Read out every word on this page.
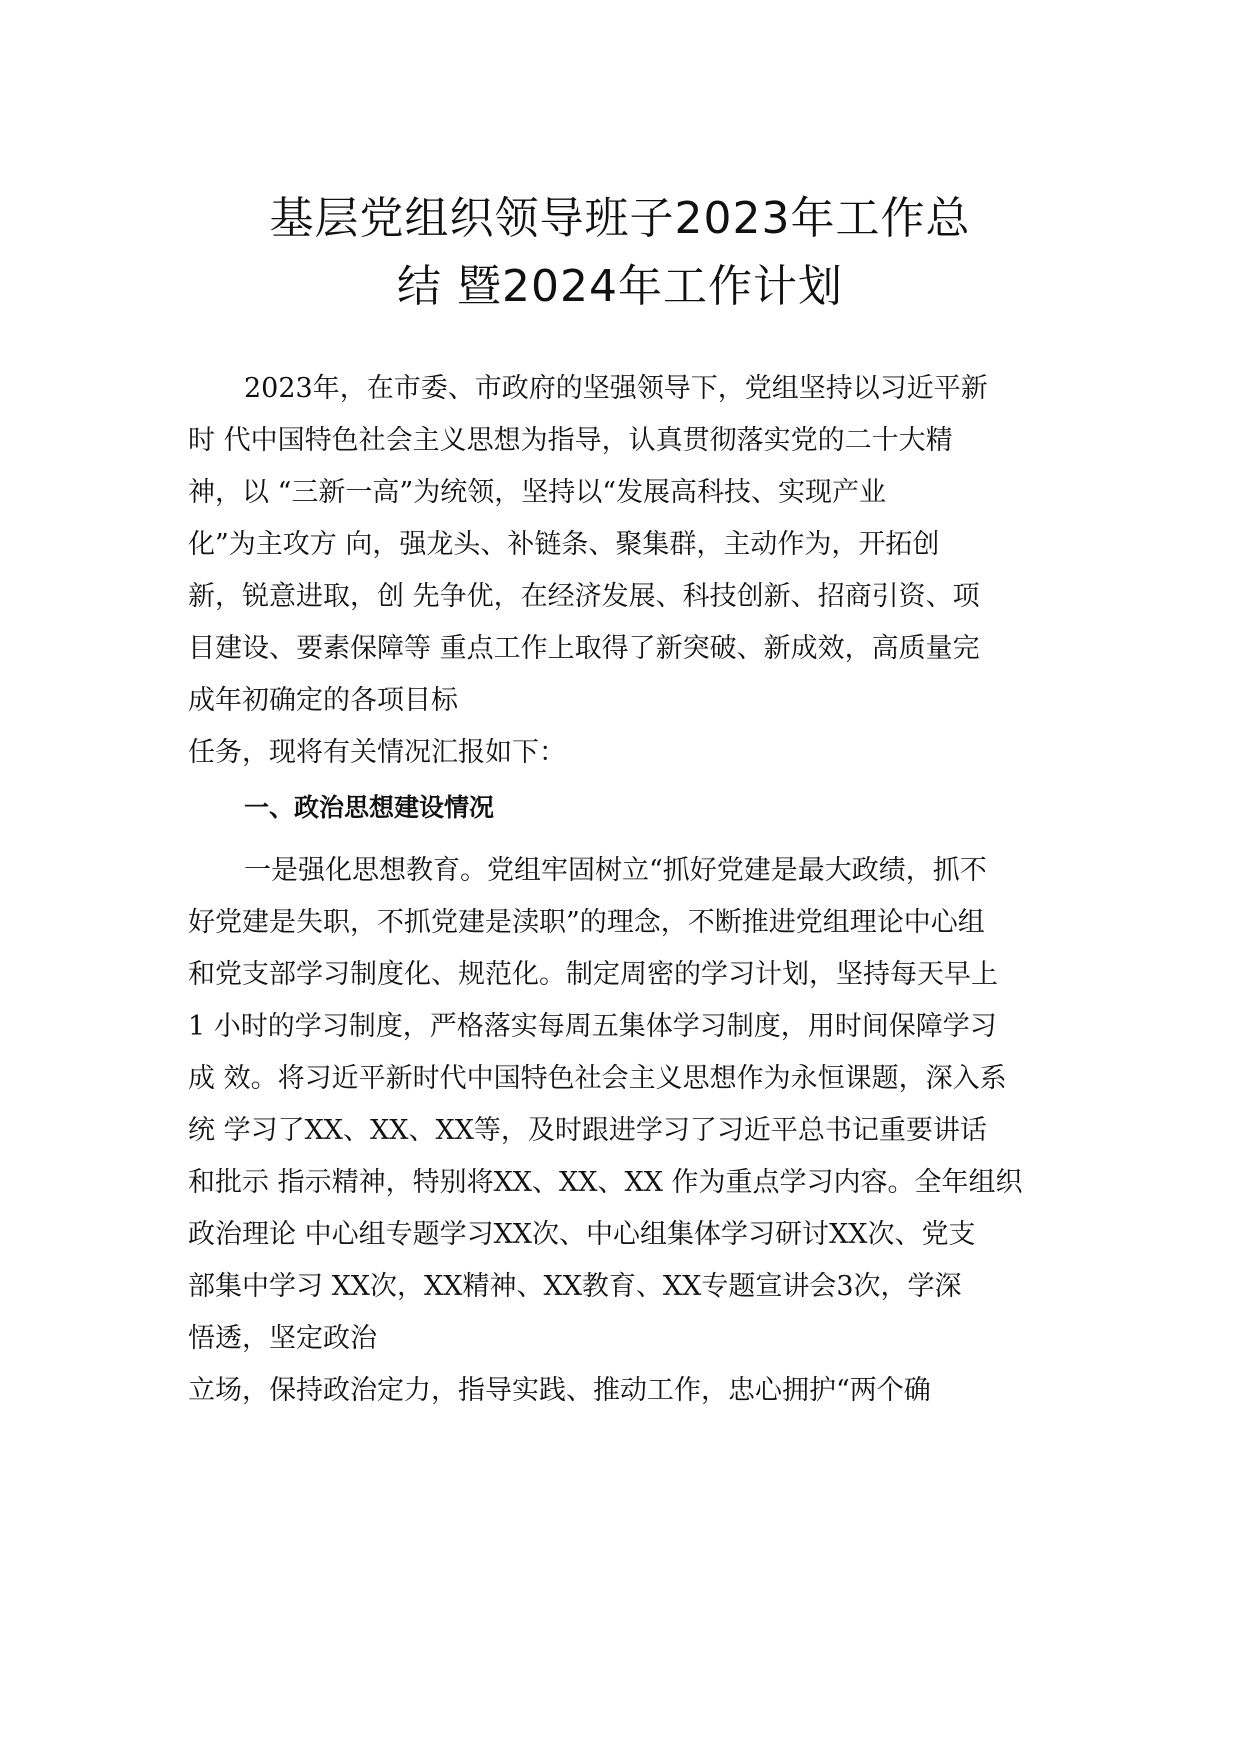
基层党组织领导班子2023年工作总
结 暨2024年工作计划
2023年，在市委、市政府的坚强领导下，党组坚持以习近平新
时 代中国特色社会主义思想为指导，认真贯彻落实党的二十大精
神，以 “三新一高”为统领，坚持以“发展高科技、实现产业
化”为主攻方 向，强龙头、补链条、聚集群，主动作为，开拓创
新，锐意进取，创 先争优，在经济发展、科技创新、招商引资、项
目建设、要素保障等 重点工作上取得了新突破、新成效，高质量完
成年初确定的各项目标
任务，现将有关情况汇报如下：
一、政治思想建设情况
一是强化思想教育。党组牢固树立“抓好党建是最大政绩，抓不
好党建是失职，不抓党建是渎职”的理念，不断推进党组理论中心组
和党支部学习制度化、规范化。制定周密的学习计划，坚持每天早上
1 小时的学习制度，严格落实每周五集体学习制度，用时间保障学习
成 效。将习近平新时代中国特色社会主义思想作为永恒课题，深入系
统 学习了XX、XX、XX等，及时跟进学习了习近平总书记重要讲话
和批示 指示精神，特别将XX、XX、XX 作为重点学习内容。全年组织
政治理论 中心组专题学习XX次、中心组集体学习研讨XX次、党支
部集中学习 XX次，XX精神、XX教育、XX专题宣讲会3次，学深
悟透，坚定政治
立场，保持政治定力，指导实践、推动工作，忠心拥护“两个确
